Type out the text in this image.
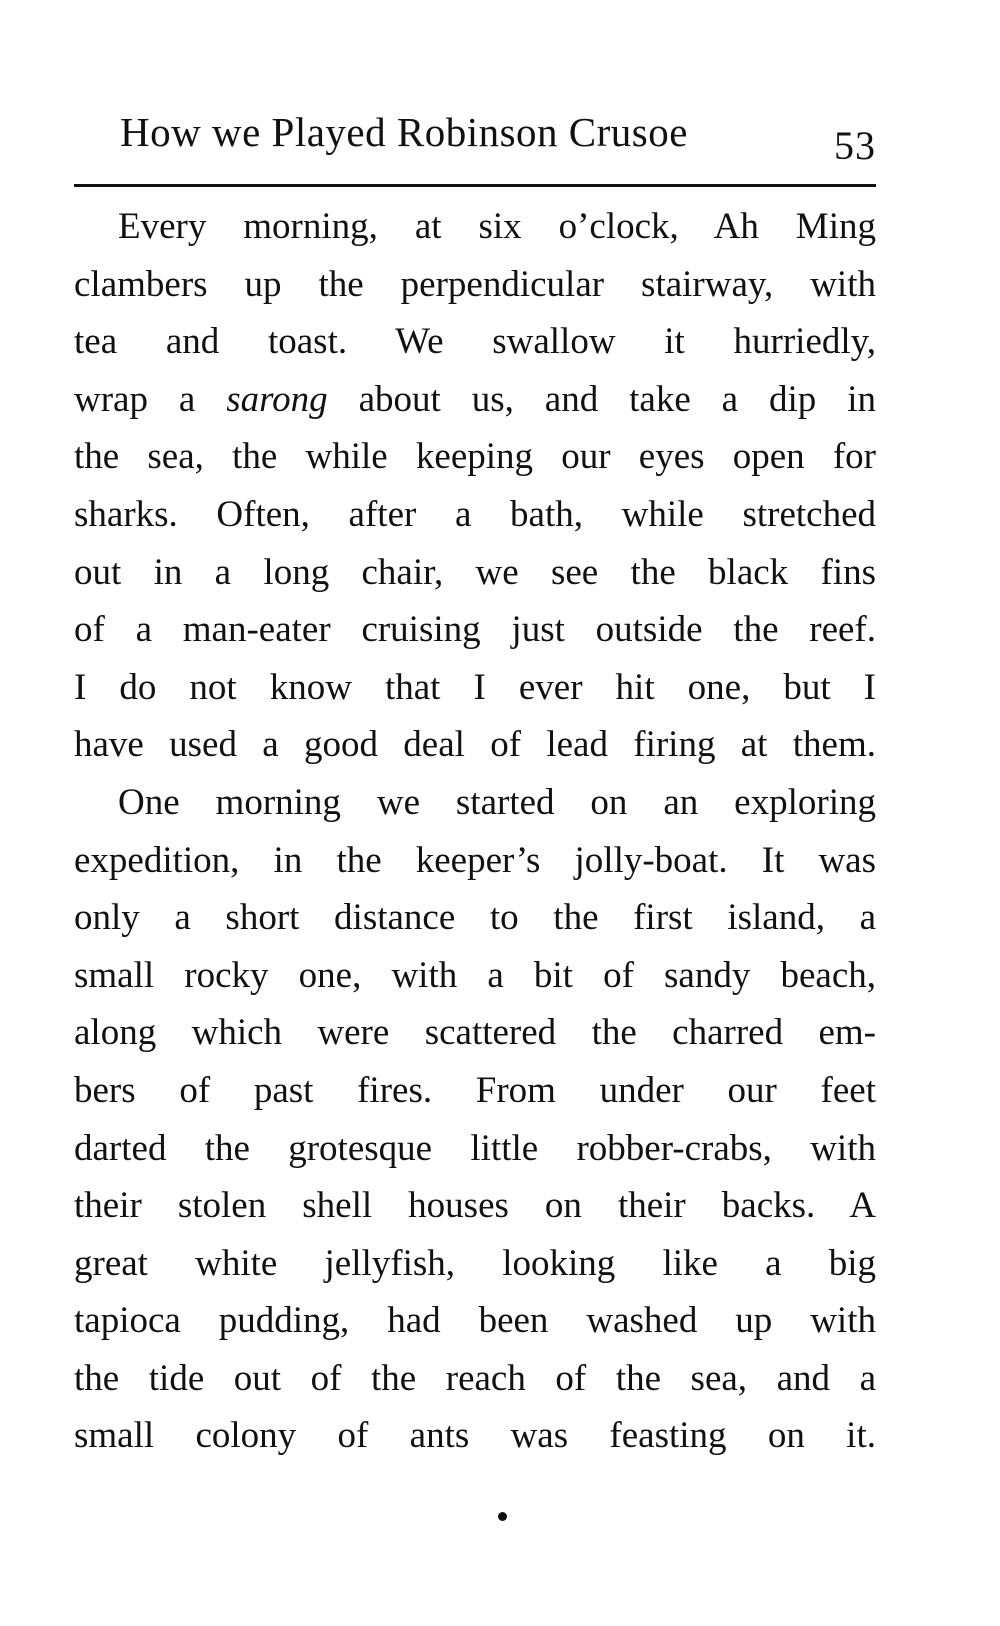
How we Played Robinson Crusoe	53
Every morning, at six o’clock, Ah Ming
clambers up the perpendicular stairway, with
tea and toast. We swallow it hurriedly,
wrap a sarong about us, and take a dip in
the sea, the while keeping our eyes open for
sharks. Often, after a bath, while stretched
out in a long chair, we see the black fins
of a man-eater cruising just outside the reef.
I do not know that I ever hit one, but I
have used a good deal of lead firing at them.
One morning we started on an exploring
expedition, in the keeper’s jolly-boat. It was
only a short distance to the first island, a
small rocky one, with a bit of sandy beach,
along which were scattered the charred em-
bers of past fires. From under our feet
darted the grotesque little robber-crabs, with
their stolen shell houses on their backs. A
great white jellyfish, looking like a big
tapioca pudding, had been washed up with
the tide out of the reach of the sea, and a
small colony of ants was feasting on it.
